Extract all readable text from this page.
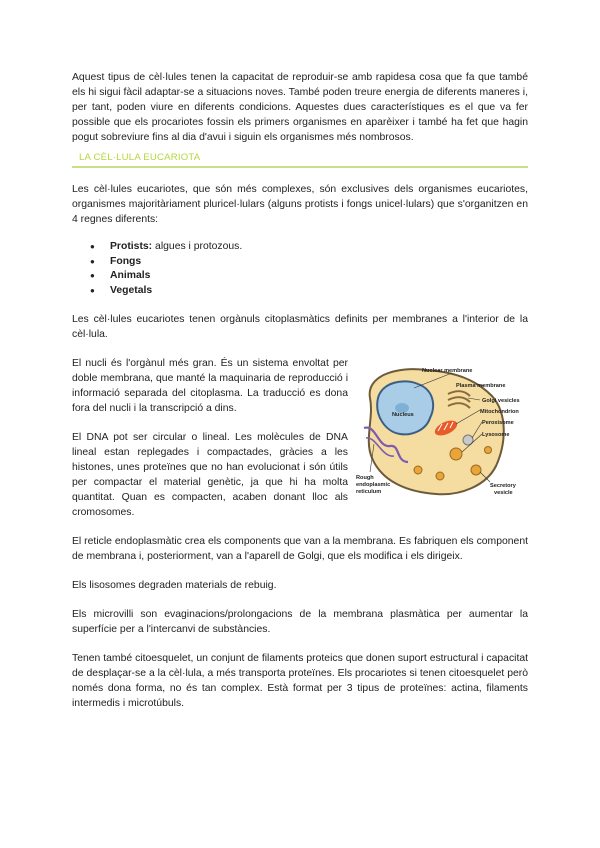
Aquest tipus de cèl·lules tenen la capacitat de reproduir-se amb rapidesa cosa que fa que també els hi sigui fàcil adaptar-se a situacions noves. També poden treure energia de diferents maneres i, per tant, poden viure en diferents condicions. Aquestes dues característiques es el que va fer possible que els procariotes fossin els primers organismes en aparèixer i també ha fet que hagin pogut sobreviure fins al dia d'avui i siguin els organismes més nombrosos.

LA CÈL·LULA EUCARIOTA

Les cèl·lules eucariotes, que són més complexes, són exclusives dels organismes eucariotes, organismes majoritàriament pluricel·lulars (alguns protists i fongs unicel·lulars) que s'organitzen en 4 regnes diferents:

● Protists: algues i protozous.
● Fongs
● Animals
● Vegetals

Les cèl·lules eucariotes tenen orgànuls citoplasmàtics definits per membranes a l'interior de la cèl·lula.

El nucli és l'orgànul més gran. És un sistema envoltat per doble membrana, que manté la maquinaria de reproducció i informació separada del citoplasma. La traducció es dona fora del nucli i la transcripció a dins.

El DNA pot ser circular o lineal. Les molècules de DNA lineal estan replegades i compactades, gràcies a les histones, unes proteïnes que no han evolucionat i són útils per compactar el material genètic, ja que hi ha molta quantitat. Quan es compacten, acaben donant lloc als cromosomes.

Nuclear membrane
Plasma membrane
Golgi vesicles
Mitochondrion
Peroxisome
Lysosome
Nucleus
Rough
endoplasmic
reticulum
Secretory
vesicle

El reticle endoplasmàtic crea els components que van a la membrana. Es fabriquen els component de membrana i, posteriorment, van a l'aparell de Golgi, que els modifica i els dirigeix.

Els lisosomes degraden materials de rebuig.

Els microvilli son evaginacions/prolongacions de la membrana plasmàtica per aumentar la superfície per a l'intercanvi de substàncies.

Tenen també citoesquelet, un conjunt de filaments proteics que donen suport estructural i capacitat de desplaçar-se a la cèl·lula, a més transporta proteïnes. Els procariotes si tenen citoesquelet però només dona forma, no és tan complex. Està format per 3 tipus de proteïnes: actina, filaments intermedis i microtúbuls.
